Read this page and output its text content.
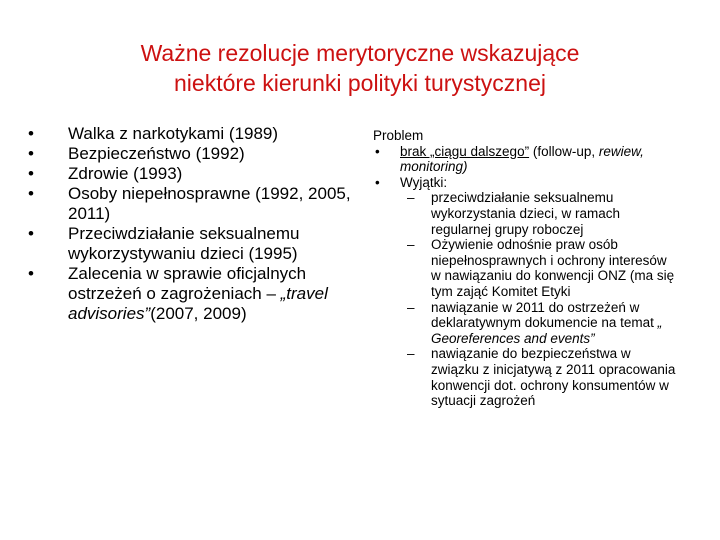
Ważne rezolucje merytoryczne wskazujące
niektóre kierunki polityki turystycznej
• Walka z narkotykami (1989)
• Bezpieczeństwo (1992)
• Zdrowie (1993)
• Osoby niepełnosprawne (1992, 2005, 2011)
• Przeciwdziałanie seksualnemu wykorzystywaniu dzieci (1995)
• Zalecenia w sprawie oficjalnych ostrzeżeń o zagrożeniach – „travel advisories”(2007, 2009)
Problem
• brak „ciągu dalszego” (follow-up, rewiew, monitoring)
• Wyjątki:
– przeciwdziałanie seksualnemu wykorzystania dzieci, w ramach regularnej grupy roboczej
– Ożywienie odnośnie praw osób niepełnosprawnych i ochrony interesów w nawiązaniu do konwencji ONZ (ma się tym zająć Komitet Etyki
– nawiązanie w 2011 do ostrzeżeń w deklaratywnym dokumencie na temat „ Georeferences and events”
– nawiązanie do bezpieczeństwa w związku z inicjatywą z 2011 opracowania konwencji dot. ochrony konsumentów w sytuacji zagrożeń
